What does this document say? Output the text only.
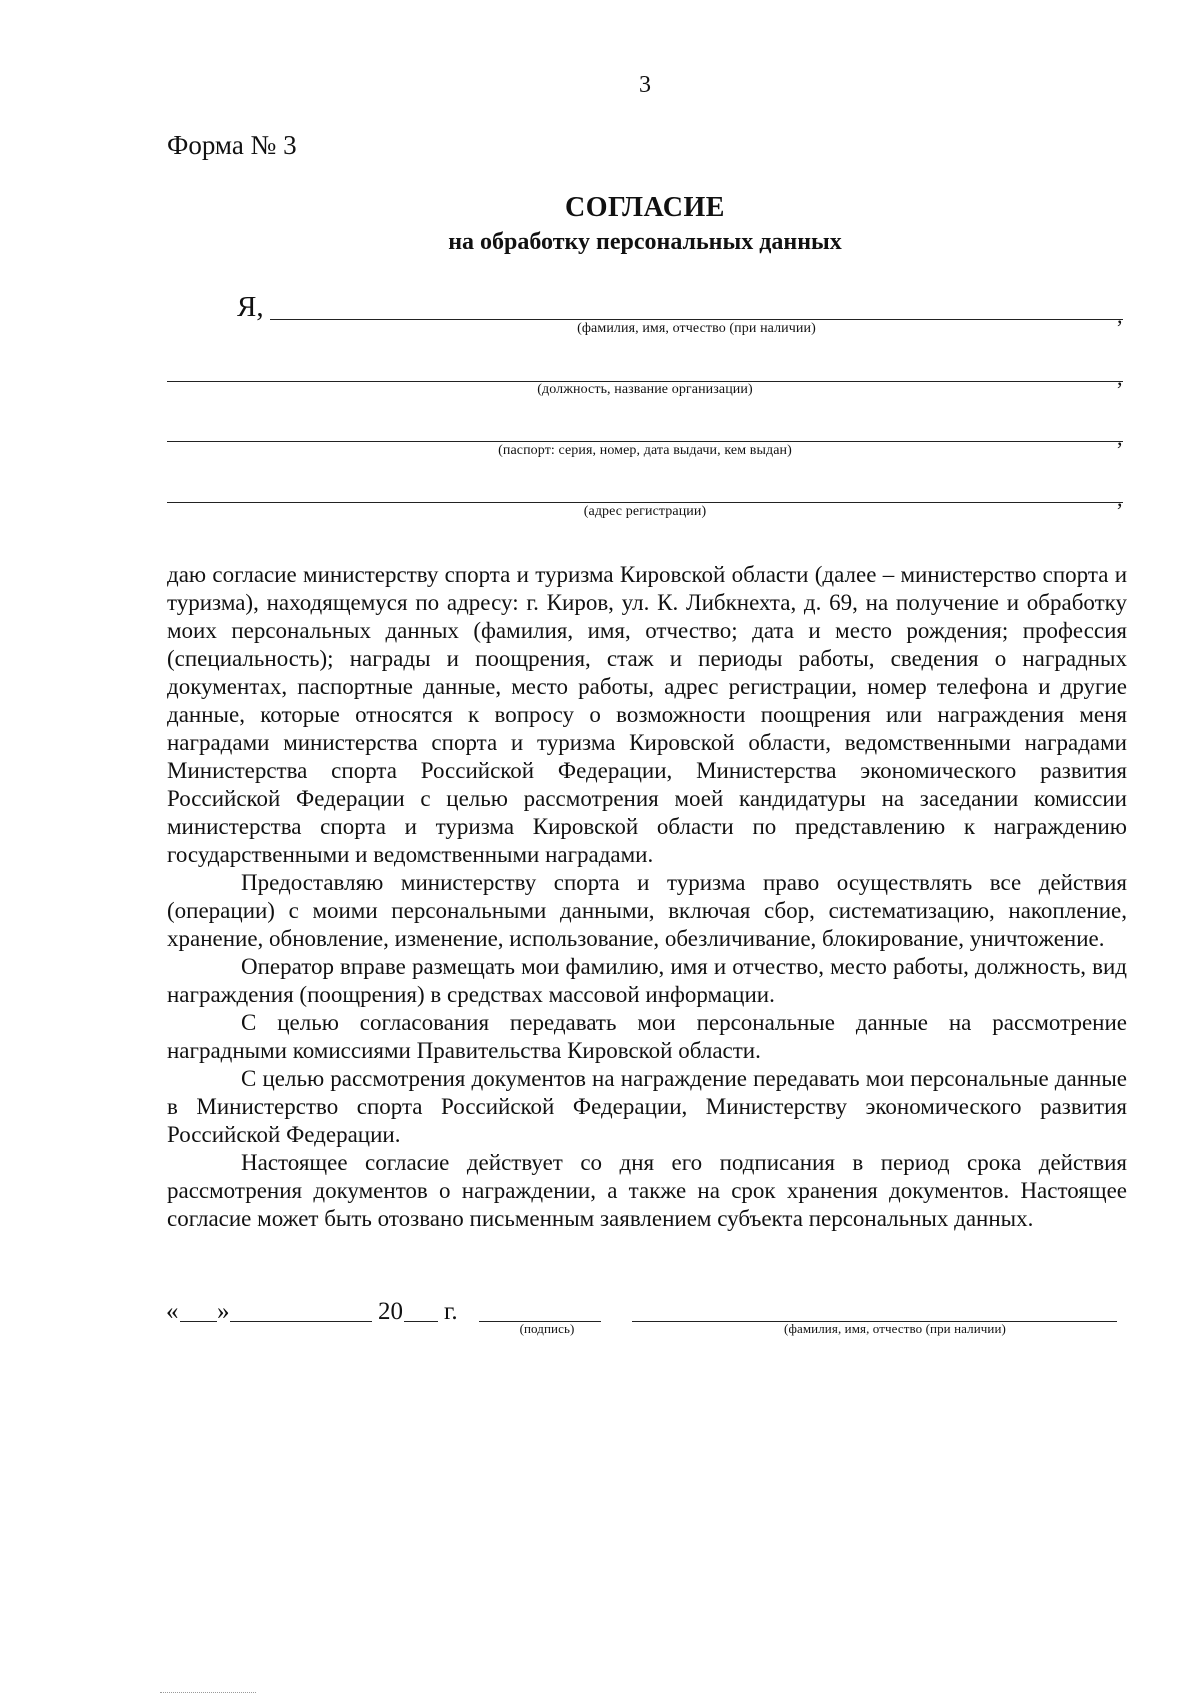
3
Форма № 3
СОГЛАСИЕ
на обработку персональных данных
Я,	,
(фамилия, имя, отчество (при наличии)
,
(должность, название организации)
,
(паспорт: серия, номер, дата выдачи, кем выдан)
,
(адрес регистрации)

даю согласие министерству спорта и туризма Кировской области (далее – министерство спорта и туризма), находящемуся по адресу: г. Киров, ул. К. Либкнехта, д. 69, на получение и обработку моих персональных данных (фамилия, имя, отчество; дата и место рождения; профессия (специальность); награды и поощрения, стаж и периоды работы, сведения о наградных документах, паспортные данные, место работы, адрес регистрации, номер телефона и другие данные, которые относятся к вопросу о возможности поощрения или награждения меня наградами министерства спорта и туризма Кировской области, ведомственными наградами Министерства спорта Российской Федерации, Министерства экономического развития Российской Федерации с целью рассмотрения моей кандидатуры на заседании комиссии министерства спорта и туризма Кировской области по представлению к награждению государственными и ведомственными наградами.

Предоставляю министерству спорта и туризма право осуществлять все действия (операции) с моими персональными данными, включая сбор, систематизацию, накопление, хранение, обновление, изменение, использование, обезличивание, блокирование, уничтожение.

Оператор вправе размещать мои фамилию, имя и отчество, место работы, должность, вид награждения (поощрения) в средствах массовой информации.

С целью согласования передавать мои персональные данные на рассмотрение наградными комиссиями Правительства Кировской области.

С целью рассмотрения документов на награждение передавать мои персональные данные в Министерство спорта Российской Федерации, Министерству экономического развития Российской Федерации.

Настоящее согласие действует со дня его подписания в период срока действия рассмотрения документов о награждении, а также на срок хранения документов. Настоящее согласие может быть отозвано письменным заявлением субъекта персональных данных.

« »	20 г.
(подпись)	(фамилия, имя, отчество (при наличии)
